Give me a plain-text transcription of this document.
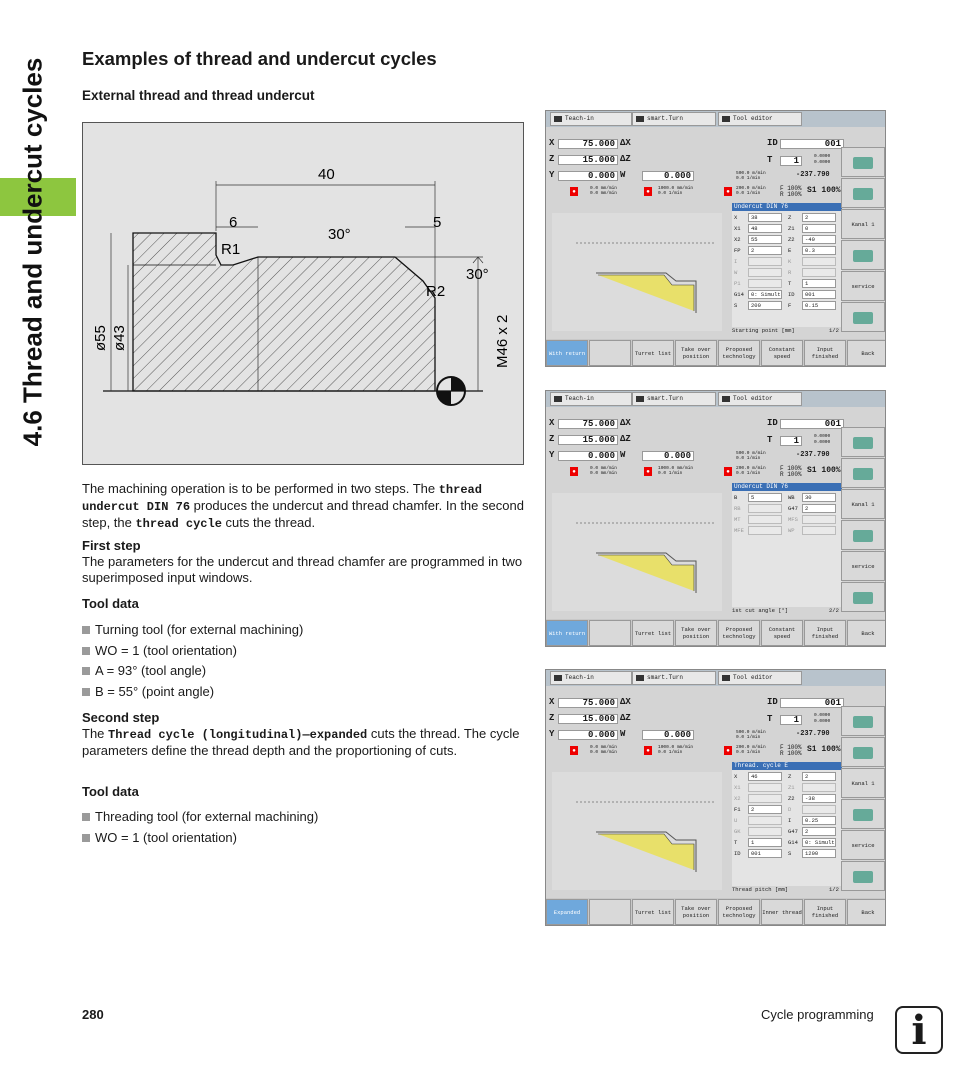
4.6 Thread and undercut cycles Examples of thread and undercut cycles
External thread and thread undercut
40
6	5
30°
30°
R1
R2
ø55 ø43	M46 x 2

The machining operation is to be performed in two steps. The thread undercut DIN 76 produces the undercut and thread chamfer. In the second step, the thread cycle cuts the thread.

First step

The parameters for the undercut and thread chamfer are programmed in two superimposed input windows.

Tool data
Turning tool (for external machining)
WO = 1 (tool orientation)
A = 93° (tool angle)
B = 55° (point angle)
Second step

The Thread cycle (longitudinal)—expanded cuts the thread. The cycle parameters define the thread depth and the proportioning of cuts.

Tool data
Threading tool (for external machining)
WO = 1 (tool orientation)
Teach-in	smart.Turn	Tool editor
X	75.000 ΔX
Z	15.000 ΔZ
Y	0.000 W	0.000
ID	001
T	1	0.0000
0.0000
-237.790
●	0.0 mm/min
0.0 mm/min	●	1000.0 mm/min
0.0 1/min	●	200.0 m/min
0.0 1/min
500.0 m/min
0.0 1/min
F 100%
R 100% S1 100%
Undercut DIN 76
X	38	Z	2
X1	48	Z1	0
X2	55	Z2	-40
FP	2	E	0.3
I	K
W	R
P1	T	1
G14	0: Simult ID	001
S	200	F	0.15
Starting point [mm]	1/2
Kanal 1
service
With return	Turret list	Take over position
Proposed technology
Constant speed
Input finished	Back
Teach-in	smart.Turn	Tool editor
X	75.000 ΔX
Z	15.000 ΔZ
Y	0.000 W	0.000
ID	001
T	1	0.0000
0.0000
-237.790
●	0.0 mm/min
0.0 mm/min	●	1000.0 mm/min
0.0 1/min	●	200.0 m/min
0.0 1/min
500.0 m/min
0.0 1/min
F 100%
R 100% S1 100%
Undercut DIN 76
B	5	WB	30
RB	G47	2
MT	MFS
MFE	WP
1st cut angle [°]	2/2
Kanal 1
service
With return	Turret list	Take over position
Proposed technology
Constant speed
Input finished	Back
Teach-in	smart.Turn	Tool editor
X	75.000 ΔX
Z	15.000 ΔZ
Y	0.000 W	0.000
ID	001
T	1	0.0000
0.0000
-237.790
●	0.0 mm/min
0.0 mm/min	●	1000.0 mm/min
0.0 1/min	●	200.0 m/min
0.0 1/min
500.0 m/min
0.0 1/min
F 100%
R 100% S1 100%
Thread. cycle E
X	46	Z	2
X1	Z1
X2	Z2	-38
F1	2	D
U	I	0.25
GK	G47	2
T	1	G14	0: Simult
ID	001	S	1200
Thread pitch [mm]	1/2
Kanal 1
service
Expanded	Turret list	Take over position
Proposed technology	Inner thread	Input finished	Back
280	Cycle programming i
